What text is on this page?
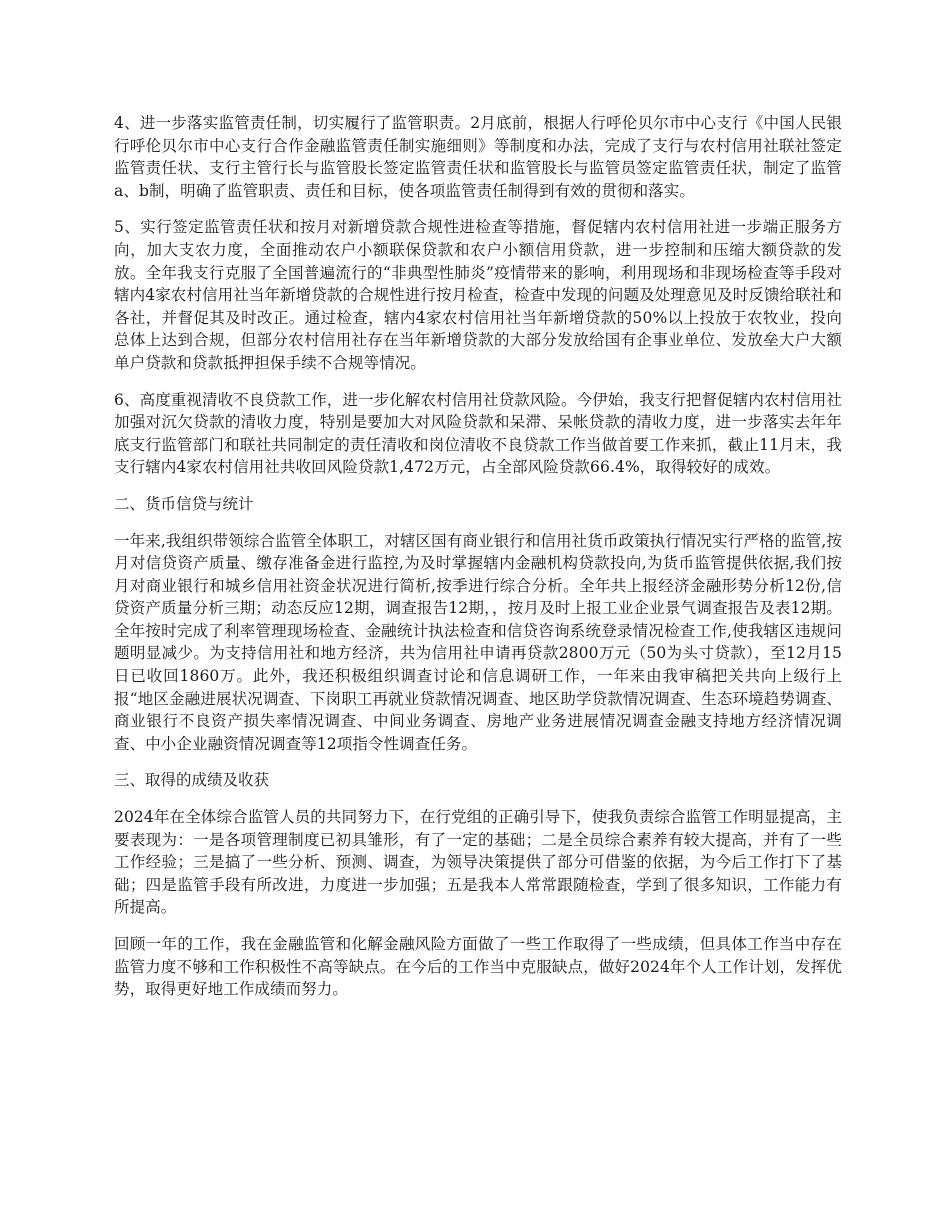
4、进一步落实监管责任制，切实履行了监管职责。2月底前，根据人行呼伦贝尔市中心支行《中国人民银行呼伦贝尔市中心支行合作金融监管责任制实施细则》等制度和办法，完成了支行与农村信用社联社签定监管责任状、支行主管行长与监管股长签定监管责任状和监管股长与监管员签定监管责任状，制定了监管a、b制，明确了监管职责、责任和目标，使各项监管责任制得到有效的贯彻和落实。

5、实行签定监管责任状和按月对新增贷款合规性进检查等措施，督促辖内农村信用社进一步端正服务方向，加大支农力度，全面推动农户小额联保贷款和农户小额信用贷款，进一步控制和压缩大额贷款的发放。全年我支行克服了全国普遍流行的“非典型性肺炎”疫情带来的影响，利用现场和非现场检查等手段对辖内4家农村信用社当年新增贷款的合规性进行按月检查，检查中发现的问题及处理意见及时反馈给联社和各社，并督促其及时改正。通过检查，辖内4家农村信用社当年新增贷款的50%以上投放于农牧业，投向总体上达到合规，但部分农村信用社存在当年新增贷款的大部分发放给国有企事业单位、发放垒大户大额单户贷款和贷款抵押担保手续不合规等情况。

6、高度重视清收不良贷款工作，进一步化解农村信用社贷款风险。今伊始，我支行把督促辖内农村信用社加强对沉欠贷款的清收力度，特别是要加大对风险贷款和呆滞、呆帐贷款的清收力度，进一步落实去年年底支行监管部门和联社共同制定的责任清收和岗位清收不良贷款工作当做首要工作来抓，截止11月末，我支行辖内4家农村信用社共收回风险贷款1,472万元，占全部风险贷款66.4%，取得较好的成效。

二、货币信贷与统计

一年来,我组织带领综合监管全体职工，对辖区国有商业银行和信用社货币政策执行情况实行严格的监管,按月对信贷资产质量、缴存准备金进行监控,为及时掌握辖内金融机构贷款投向,为货币监管提供依据,我们按月对商业银行和城乡信用社资金状况进行简析,按季进行综合分析。全年共上报经济金融形势分析12份,信贷资产质量分析三期；动态反应12期，调查报告12期，，按月及时上报工业企业景气调查报告及表12期。全年按时完成了利率管理现场检查、金融统计执法检查和信贷咨询系统登录情况检查工作,使我辖区违规问题明显减少。为支持信用社和地方经济，共为信用社申请再贷款2800万元（50为头寸贷款），至12月15日已收回1860万。此外，我还积极组织调查讨论和信息调研工作，一年来由我审稿把关共向上级行上报“地区金融进展状况调查、下岗职工再就业贷款情况调查、地区助学贷款情况调查、生态环境趋势调查、商业银行不良资产损失率情况调查、中间业务调查、房地产业务进展情况调查金融支持地方经济情况调查、中小企业融资情况调查等12项指令性调查任务。

三、取得的成绩及收获

2024年在全体综合监管人员的共同努力下，在行党组的正确引导下，使我负责综合监管工作明显提高，主要表现为：一是各项管理制度已初具雏形，有了一定的基础；二是全员综合素养有较大提高，并有了一些工作经验；三是搞了一些分析、预测、调查，为领导决策提供了部分可借鉴的依据，为今后工作打下了基础；四是监管手段有所改进，力度进一步加强；五是我本人常常跟随检查，学到了很多知识，工作能力有所提高。

回顾一年的工作，我在金融监管和化解金融风险方面做了一些工作取得了一些成绩，但具体工作当中存在监管力度不够和工作积极性不高等缺点。在今后的工作当中克服缺点，做好2024年个人工作计划，发挥优势，取得更好地工作成绩而努力。
